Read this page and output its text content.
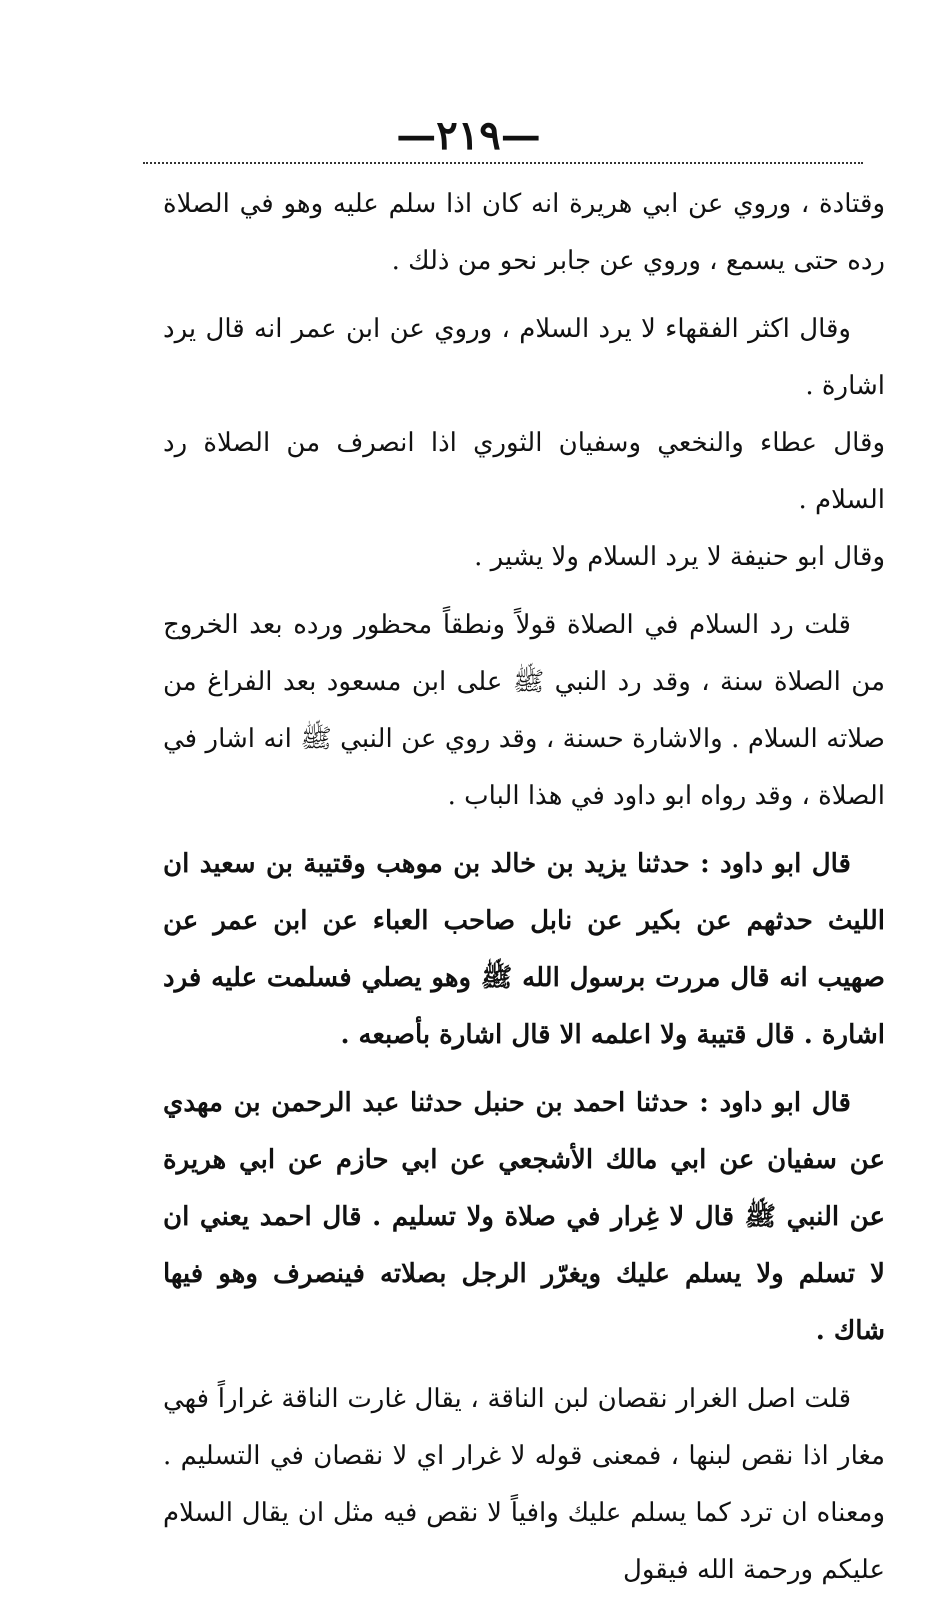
—٢١٩—

وقتادة ، وروي عن ابي هريرة انه كان اذا سلم عليه وهو في الصلاة رده حتى يسمع ، وروي عن جابر نحو من ذلك .

وقال اكثر الفقهاء لا يرد السلام ، وروي عن ابن عمر انه قال يرد اشارة .

وقال عطاء والنخعي وسفيان الثوري اذا انصرف من الصلاة رد السلام .

وقال ابو حنيفة لا يرد السلام ولا يشير .

قلت رد السلام في الصلاة قولاً ونطقاً محظور ورده بعد الخروج من الصلاة سنة ، وقد رد النبي ﷺ على ابن مسعود بعد الفراغ من صلاته السلام . والاشارة حسنة ، وقد روي عن النبي ﷺ انه اشار في الصلاة ، وقد رواه ابو داود في هذا الباب .

قال ابو داود : حدثنا يزيد بن خالد بن موهب وقتيبة بن سعيد ان الليث حدثهم عن بكير عن نابل صاحب العباء عن ابن عمر عن صهيب انه قال مررت برسول الله ﷺ وهو يصلي فسلمت عليه فرد اشارة . قال قتيبة ولا اعلمه الا قال اشارة بأصبعه .

قال ابو داود : حدثنا احمد بن حنبل حدثنا عبد الرحمن بن مهدي عن سفيان عن ابي مالك الأشجعي عن ابي حازم عن ابي هريرة عن النبي ﷺ قال لا غِرار في صلاة ولا تسليم . قال احمد يعني ان لا تسلم ولا يسلم عليك ويغرّر الرجل بصلاته فينصرف وهو فيها شاك .

قلت اصل الغرار نقصان لبن الناقة ، يقال غارت الناقة غراراً فهي مغار اذا نقص لبنها ، فمعنى قوله لا غرار اي لا نقصان في التسليم . ومعناه ان ترد كما يسلم عليك وافياً لا نقص فيه مثل ان يقال السلام عليكم ورحمة الله فيقول
